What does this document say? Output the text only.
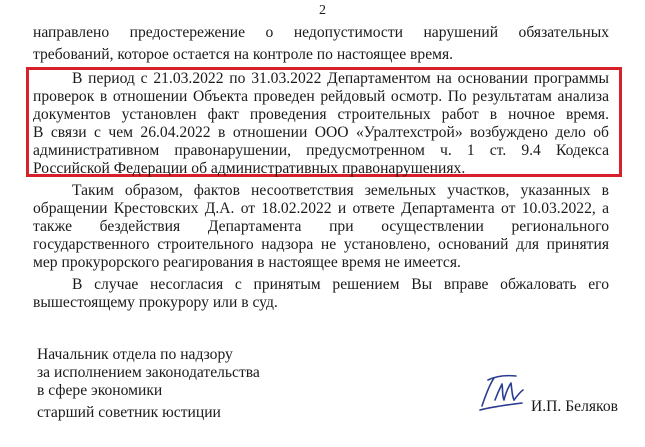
2
направлено предостережение о недопустимости нарушений обязательных
требований, которое остается на контроле по настоящее время.
В период с 21.03.2022 по 31.03.2022 Департаментом на основании программы
проверок в отношении Объекта проведен рейдовый осмотр. По результатам анализа
документов установлен факт проведения строительных работ в ночное время.
В связи с чем 26.04.2022 в отношении ООО «Уралтехстрой» возбуждено дело об
административном правонарушении, предусмотренном ч. 1 ст. 9.4 Кодекса
Российской Федерации об административных правонарушениях.
Таким образом, фактов несоответствия земельных участков, указанных в
обращении Крестовских Д.А. от 18.02.2022 и ответе Департамента от 10.03.2022, а
также бездействия Департамента при осуществлении регионального
государственного строительного надзора не установлено, оснований для принятия
мер прокурорского реагирования в настоящее время не имеется.
В случае несогласия с принятым решением Вы вправе обжаловать его
вышестоящему прокурору или в суд.
Начальник отдела по надзору
за исполнением законодательства
в сфере экономики
старший советник юстиции	И.П. Беляков
